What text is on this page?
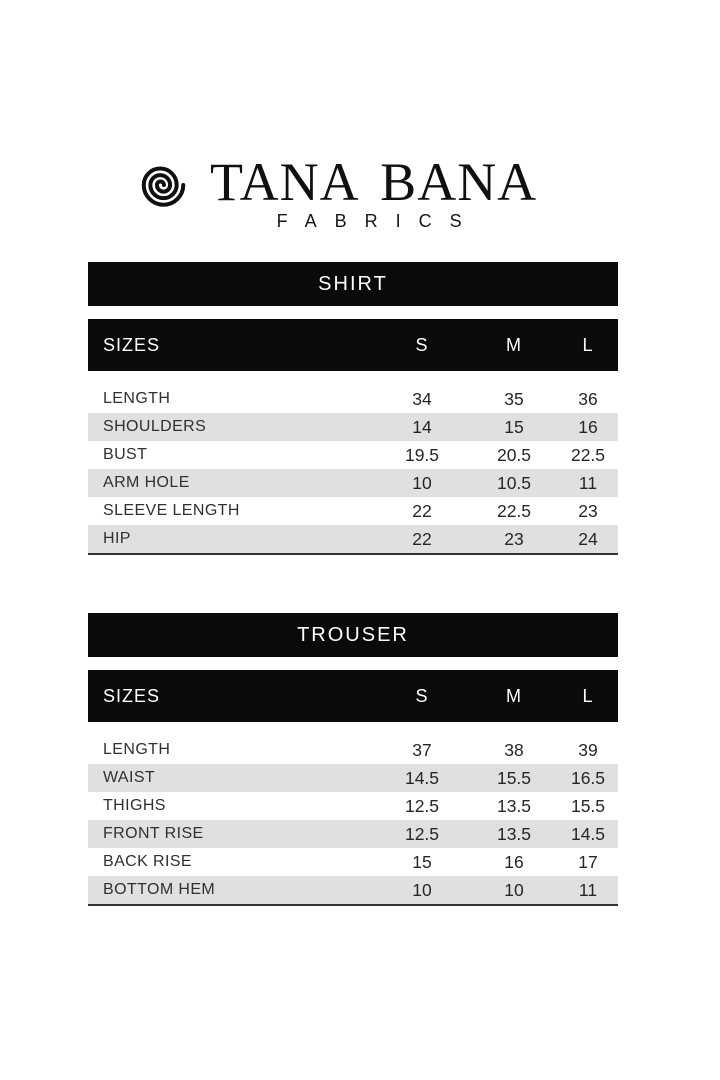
TANA BANA
FABRICS
SHIRT
SIZES	S	M	L
LENGTH	34	35	36
SHOULDERS	14	15	16
BUST	19.5	20.5	22.5
ARM HOLE	10	10.5	11
SLEEVE LENGTH	22	22.5	23
HIP	22	23	24
TROUSER
SIZES	S	M	L
LENGTH	37	38	39
WAIST	14.5	15.5	16.5
THIGHS	12.5	13.5	15.5
FRONT RISE	12.5	13.5	14.5
BACK RISE	15	16	17
BOTTOM HEM	10	10	11
